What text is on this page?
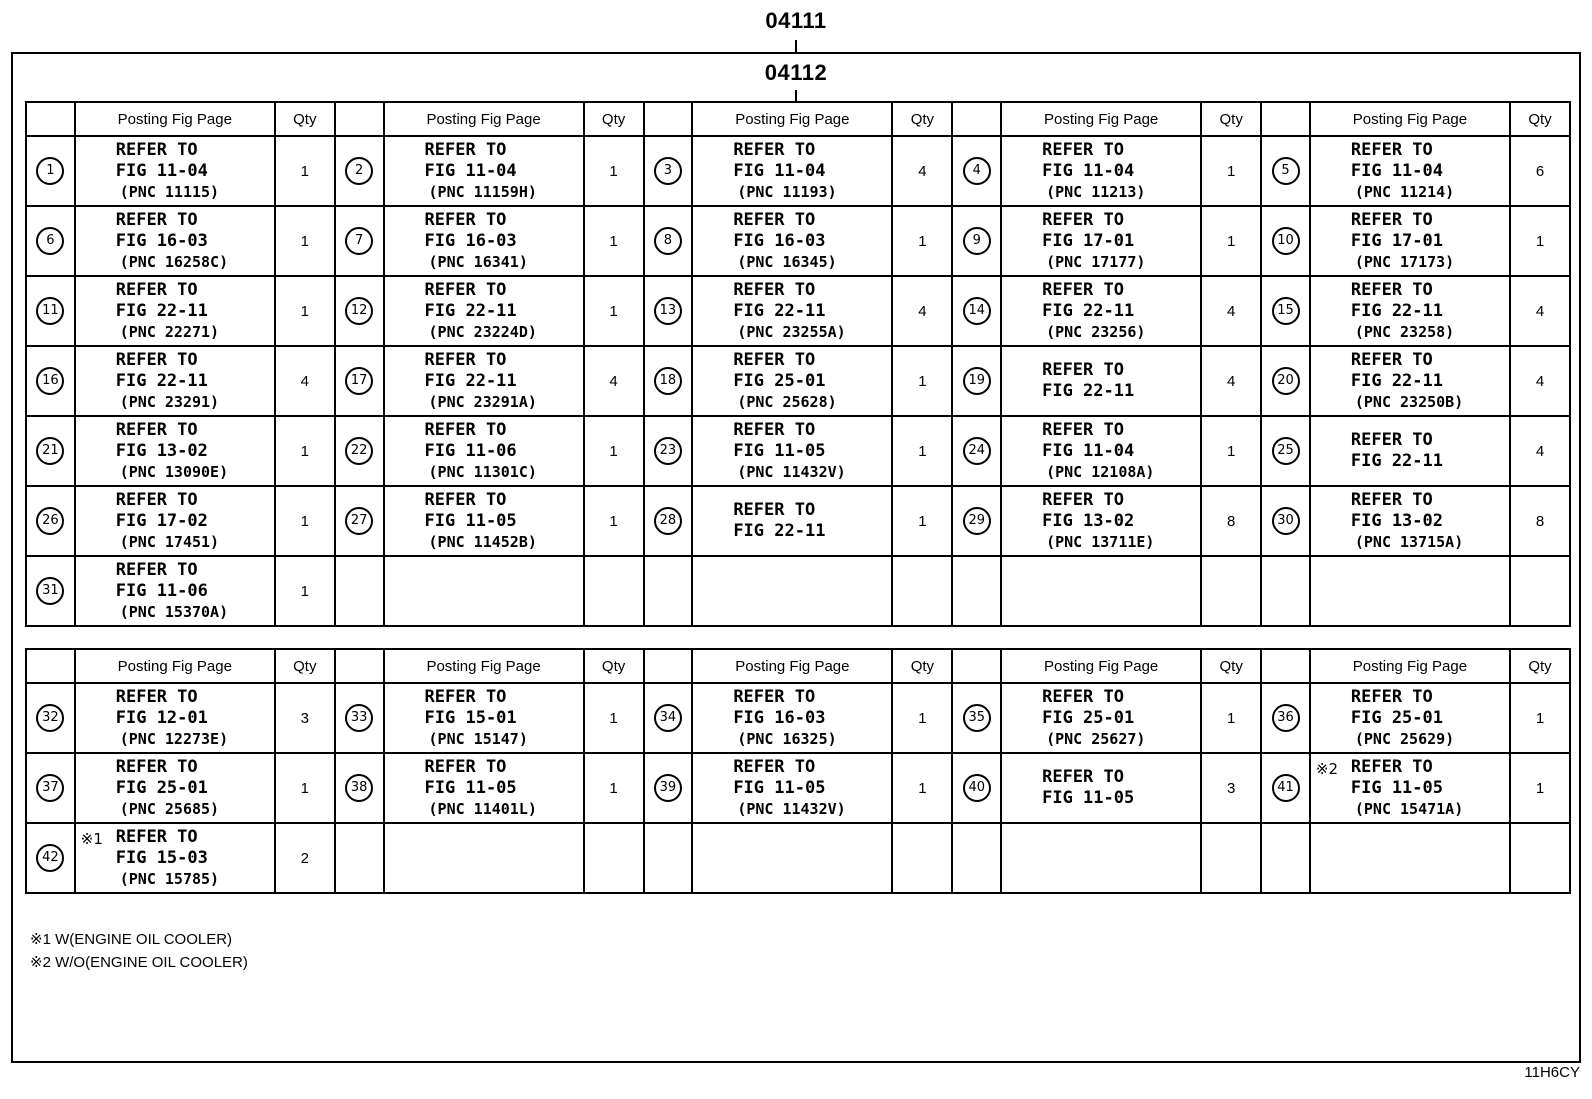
04111
04112
	Posting Fig Page	Qty		Posting Fig Page	Qty		Posting Fig Page	Qty		Posting Fig Page	Qty		Posting Fig Page	Qty
1	REFER TO
FIG 11-04
(PNC 11115)	1	2	REFER TO
FIG 11-04
(PNC 11159H)	1	3	REFER TO
FIG 11-04
(PNC 11193)	4	4	REFER TO
FIG 11-04
(PNC 11213)	1	5	REFER TO
FIG 11-04
(PNC 11214)	6
6	REFER TO
FIG 16-03
(PNC 16258C)	1	7	REFER TO
FIG 16-03
(PNC 16341)	1	8	REFER TO
FIG 16-03
(PNC 16345)	1	9	REFER TO
FIG 17-01
(PNC 17177)	1	10	REFER TO
FIG 17-01
(PNC 17173)	1
11	REFER TO
FIG 22-11
(PNC 22271)	1	12	REFER TO
FIG 22-11
(PNC 23224D)	1	13	REFER TO
FIG 22-11
(PNC 23255A)	4	14	REFER TO
FIG 22-11
(PNC 23256)	4	15	REFER TO
FIG 22-11
(PNC 23258)	4
16	REFER TO
FIG 22-11
(PNC 23291)	4	17	REFER TO
FIG 22-11
(PNC 23291A)	4	18	REFER TO
FIG 25-01
(PNC 25628)	1	19	REFER TO
FIG 22-11	4	20	REFER TO
FIG 22-11
(PNC 23250B)	4
21	REFER TO
FIG 13-02
(PNC 13090E)	1	22	REFER TO
FIG 11-06
(PNC 11301C)	1	23	REFER TO
FIG 11-05
(PNC 11432V)	1	24	REFER TO
FIG 11-04
(PNC 12108A)	1	25	REFER TO
FIG 22-11	4
26	REFER TO
FIG 17-02
(PNC 17451)	1	27	REFER TO
FIG 11-05
(PNC 11452B)	1	28	REFER TO
FIG 22-11	1	29	REFER TO
FIG 13-02
(PNC 13711E)	8	30	REFER TO
FIG 13-02
(PNC 13715A)	8
31	REFER TO
FIG 11-06
(PNC 15370A)	1												
	Posting Fig Page	Qty		Posting Fig Page	Qty		Posting Fig Page	Qty		Posting Fig Page	Qty		Posting Fig Page	Qty
32	REFER TO
FIG 12-01
(PNC 12273E)	3	33	REFER TO
FIG 15-01
(PNC 15147)	1	34	REFER TO
FIG 16-03
(PNC 16325)	1	35	REFER TO
FIG 25-01
(PNC 25627)	1	36	REFER TO
FIG 25-01
(PNC 25629)	1
37	REFER TO
FIG 25-01
(PNC 25685)	1	38	REFER TO
FIG 11-05
(PNC 11401L)	1	39	REFER TO
FIG 11-05
(PNC 11432V)	1	40	REFER TO
FIG 11-05	3	41	※2 REFER TO
FIG 11-05
(PNC 15471A)	1
42	※1 REFER TO
FIG 15-03
(PNC 15785)	2												
※1 W(ENGINE OIL COOLER)
※2 W/O(ENGINE OIL COOLER)
11H6CY
